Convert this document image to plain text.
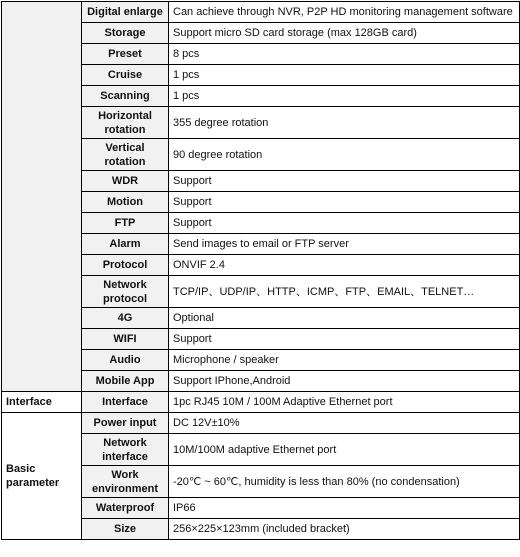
	Digital enlarge	Can achieve through NVR, P2P HD monitoring management software
	Storage	Support micro SD card storage (max 128GB card)
	Preset	8 pcs
	Cruise	1 pcs
	Scanning	1 pcs
	Horizontal rotation	355 degree rotation
	Vertical rotation	90 degree rotation
	WDR	Support
	Motion	Support
	FTP	Support
	Alarm	Send images to email or FTP server
	Protocol	ONVIF 2.4
	Network protocol	TCP/IP、UDP/IP、HTTP、ICMP、FTP、EMAIL、TELNET…
	4G	Optional
	WIFI	Support
	Audio	Microphone / speaker
	Mobile App	Support IPhone,Android
Interface	Interface	1pc RJ45 10M / 100M Adaptive Ethernet port
Basic parameter	Power input	DC 12V±10%
	Network interface	10M/100M adaptive Ethernet port
	Work environment	-20℃ ~ 60℃, humidity is less than 80% (no condensation)
	Waterproof	IP66
	Size	256×225×123mm (included bracket)
